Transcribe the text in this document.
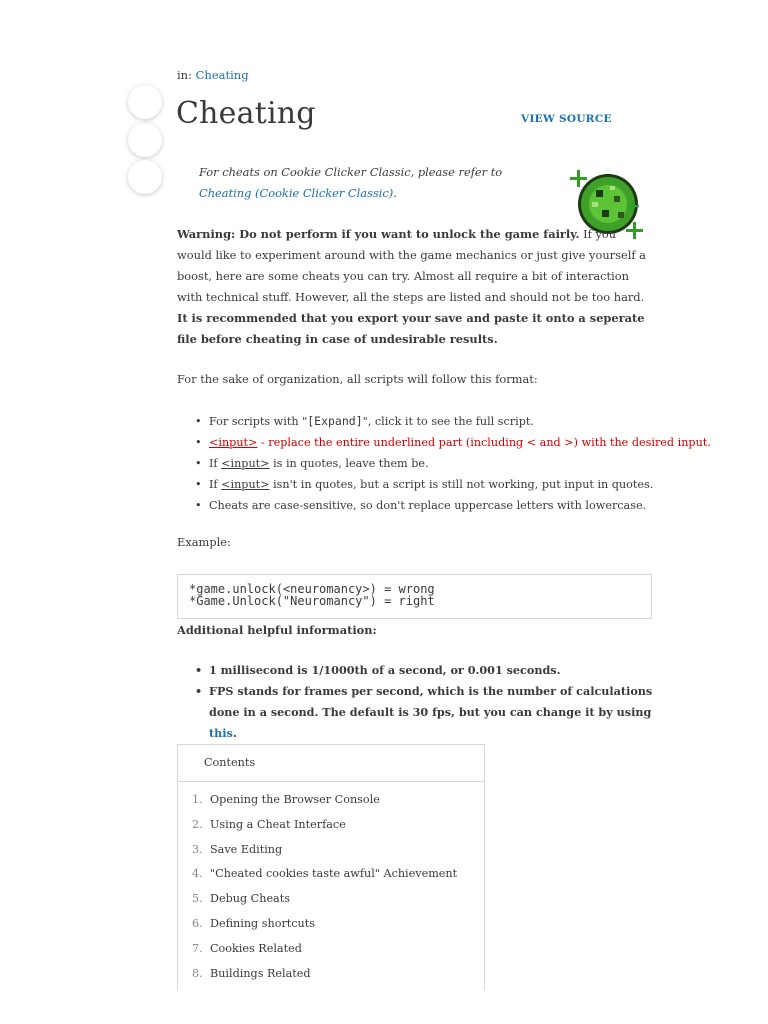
in: Cheating
Cheating	VIEW SOURCE
For cheats on Cookie Clicker Classic, please refer to Cheating (Cookie Clicker Classic).
Warning: Do not perform if you want to unlock the game fairly. If you would like to experiment around with the game mechanics or just give yourself a boost, here are some cheats you can try. Almost all require a bit of interaction with technical stuff. However, all the steps are listed and should not be too hard. It is recommended that you export your save and paste it onto a seperate file before cheating in case of undesirable results.
For the sake of organization, all scripts will follow this format:
• For scripts with "[Expand]", click it to see the full script.
• <input> - replace the entire underlined part (including < and >) with the desired input.
• If <input> is in quotes, leave them be.
• If <input> isn't in quotes, but a script is still not working, put input in quotes.
• Cheats are case-sensitive, so don't replace uppercase letters with lowercase.
Example:
*game.unlock(<neuromancy>) = wrong
*Game.Unlock("Neuromancy") = right
Additional helpful information:
• 1 millisecond is 1/1000th of a second, or 0.001 seconds.
• FPS stands for frames per second, which is the number of calculations done in a second. The default is 30 fps, but you can change it by using this.
Contents
1. Opening the Browser Console
2. Using a Cheat Interface
3. Save Editing
4. "Cheated cookies taste awful" Achievement
5. Debug Cheats
6. Defining shortcuts
7. Cookies Related
8. Buildings Related
